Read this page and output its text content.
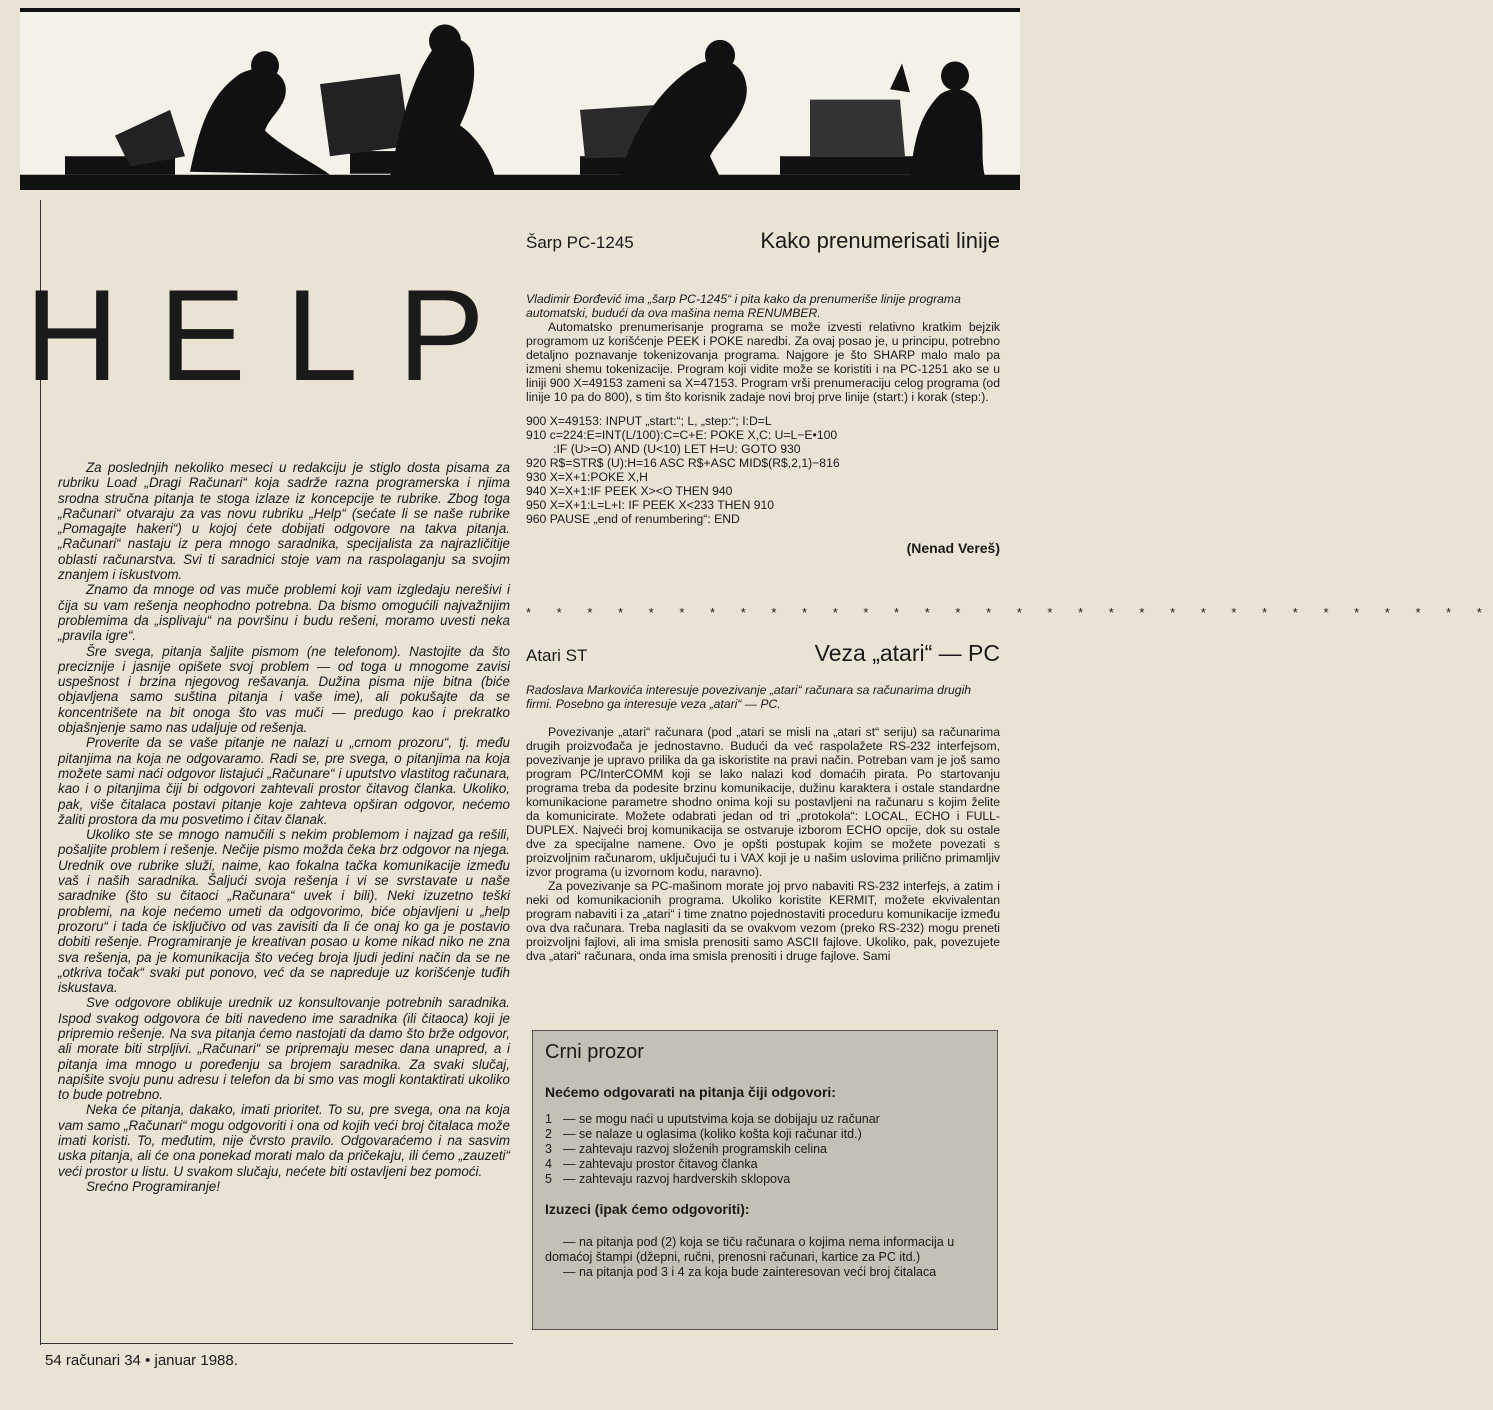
HELP

Za poslednjih nekoliko meseci u redakciju je stiglo dosta pisama za rubriku Load „Dragi Računari“ koja sadrže razna programerska i njima srodna stručna pitanja te stoga izlaze iz koncepcije te rubrike. Zbog toga „Računari“ otvaraju za vas novu rubriku „Help“ (sećate li se naše rubrike „Pomagajte hakeri“) u kojoj ćete dobijati odgovore na takva pitanja. „Računari“ nastaju iz pera mnogo saradnika, specijalista za najrazličitije oblasti računarstva. Svi ti saradnici stoje vam na raspolaganju sa svojim znanjem i iskustvom.

Znamo da mnoge od vas muče problemi koji vam izgledaju nerešivi i čija su vam rešenja neophodno potrebna. Da bismo omogućili najvažnijim problemima da „isplivaju“ na površinu i budu rešeni, moramo uvesti neka „pravila igre“.

Šre svega, pitanja šaljite pismom (ne telefonom). Nastojite da što preciznije i jasnije opišete svoj problem — od toga u mnogome zavisi uspešnost i brzina njegovog rešavanja. Dužina pisma nije bitna (biće objavljena samo suština pitanja i vaše ime), ali pokušajte da se koncentrišete na bit onoga što vas muči — predugo kao i prekratko objašnjenje samo nas udaljuje od rešenja.

Proverite da se vaše pitanje ne nalazi u „crnom prozoru“, tj. među pitanjima na koja ne odgovaramo. Radi se, pre svega, o pitanjima na koja možete sami naći odgovor listajući „Računare“ i uputstvo vlastitog računara, kao i o pitanjima čiji bi odgovori zahtevali prostor čitavog članka. Ukoliko, pak, više čitalaca postavi pitanje koje zahteva opširan odgovor, nećemo žaliti prostora da mu posvetimo i čitav članak.

Ukoliko ste se mnogo namučili s nekim problemom i najzad ga rešili, pošaljite problem i rešenje. Nečije pismo možda čeka brz odgovor na njega. Urednik ove rubrike služi, naime, kao fokalna tačka komunikacije između vaš i naših saradnika. Šaljući svoja rešenja i vi se svrstavate u naše saradnike (što su čitaoci „Računara“ uvek i bili). Neki izuzetno teški problemi, na koje nećemo umeti da odgovorimo, biće objavljeni u „help prozoru“ i tada će isključivo od vas zavisiti da li će onaj ko ga je postavio dobiti rešenje. Programiranje je kreativan posao u kome nikad niko ne zna sva rešenja, pa je komunikacija što većeg broja ljudi jedini način da se ne „otkriva točak“ svaki put ponovo, već da se napreduje uz korišćenje tuđih iskustava.

Sve odgovore oblikuje urednik uz konsultovanje potrebnih saradnika. Ispod svakog odgovora će biti navedeno ime saradnika (ili čitaoca) koji je pripremio rešenje. Na sva pitanja ćemo nastojati da damo što brže odgovor, ali morate biti strpljivi. „Računari“ se pripremaju mesec dana unapred, a i pitanja ima mnogo u poređenju sa brojem saradnika. Za svaki slučaj, napišite svoju punu adresu i telefon da bi smo vas mogli kontaktirati ukoliko to bude potrebno.

Neka će pitanja, dakako, imati prioritet. To su, pre svega, ona na koja vam samo „Računari“ mogu odgovoriti i ona od kojih veći broj čitalaca može imati koristi. To, međutim, nije čvrsto pravilo. Odgovaraćemo i na sasvim uska pitanja, ali će ona ponekad morati malo da pričekaju, ili ćemo „zauzeti“ veći prostor u listu. U svakom slučaju, nećete biti ostavljeni bez pomoći.

Srećno Programiranje!

54 računari 34 • januar 1988.
Šarp PC-1245	Kako prenumerisati linije
Vladimir Đorđević ima „šarp PC-1245“ i pita kako da prenumeriše linije programa automatski, budući da ova mašina nema RENUMBER.

Automatsko prenumerisanje programa se može izvesti relativno kratkim bejzik programom uz korišćenje PEEK i POKE naredbi. Za ovaj posao je, u principu, potrebno detaljno poznavanje tokenizovanja programa. Najgore je što SHARP malo malo pa izmeni shemu tokenizacije. Program koji vidite može se koristiti i na PC-1251 ako se u liniji 900 X=49153 zameni sa X=47153. Program vrši prenumeraciju celog programa (od linije 10 pa do 800), s tim što korisnik zadaje novi broj prve linije (start:) i korak (step:).

900 X=49153: INPUT „start:“; L, „step:“; I:D=L
910 c=224:E=INT(L/100):C=C+E: POKE X,C: U=L−E•100
:IF (U>=O) AND (U<10) LET H=U: GOTO 930
920 R$=STR$ (U):H=16 ASC R$+ASC MID$(R$,2,1)−816
930 X=X+1:POKE X,H
940 X=X+1:IF PEEK X><O THEN 940
950 X=X+1:L=L+I: IF PEEK X<233 THEN 910
960 PAUSE „end of renumbering“: END
(Nenad Vereš)
* * * * * * * * * * * * * * * * * * * * * * * * * * * * * * * *
Atari ST	Veza „atari“ — PC
Radoslava Markovića interesuje povezivanje „atari“ računara sa računarima drugih firmi. Posebno ga interesuje veza „atari“ — PC.

Povezivanje „atari“ računara (pod „atari se misli na „atari st“ seriju) sa računarima drugih proizvođača je jednostavno. Budući da već raspolažete RS-232 interfejsom, povezivanje je upravo prilika da ga iskoristite na pravi način. Potreban vam je još samo program PC/InterCOMM koji se lako nalazi kod domaćih pirata. Po startovanju programa treba da podesite brzinu komunikacije, dužinu karaktera i ostale standardne komunikacione parametre shodno onima koji su postavljeni na računaru s kojim želite da komunicirate. Možete odabrati jedan od tri „protokola“: LOCAL, ECHO i FULL-DUPLEX. Najveći broj komunikacija se ostvaruje izborom ECHO opcije, dok su ostale dve za specijalne namene. Ovo je opšti postupak kojim se možete povezati s proizvoljnim računarom, uključujući tu i VAX koji je u našim uslovima prilično primamljiv izvor programa (u izvornom kodu, naravno).

Za povezivanje sa PC-mašinom morate joj prvo nabaviti RS-232 interfejs, a zatim i neki od komunikacionih programa. Ukoliko koristite KERMIT, možete ekvivalentan program nabaviti i za „atari“ i time znatno pojednostaviti proceduru komunikacije između ova dva računara. Treba naglasiti da se ovakvom vezom (preko RS-232) mogu preneti proizvoljni fajlovi, ali ima smisla prenositi samo ASCII fajlove. Ukoliko, pak, povezujete dva „atari“ računara, onda ima smisla prenositi i druge fajlove. Sami

Crni prozor
Nećemo odgovarati na pitanja čiji odgovori:
1 — se mogu naći u uputstvima koja se dobijaju uz računar
2 — se nalaze u oglasima (koliko košta koji računar itd.)
3 — zahtevaju razvoj složenih programskih celina
4 — zahtevaju prostor čitavog članka
5 — zahtevaju razvoj hardverskih sklopova
Izuzeci (ipak ćemo odgovoriti):

— na pitanja pod (2) koja se tiču računara o kojima nema informacija u domaćoj štampi (džepni, ručni, prenosni računari, kartice za PC itd.)

— na pitanja pod 3 i 4 za koja bude zainteresovan veći broj čitalaca
